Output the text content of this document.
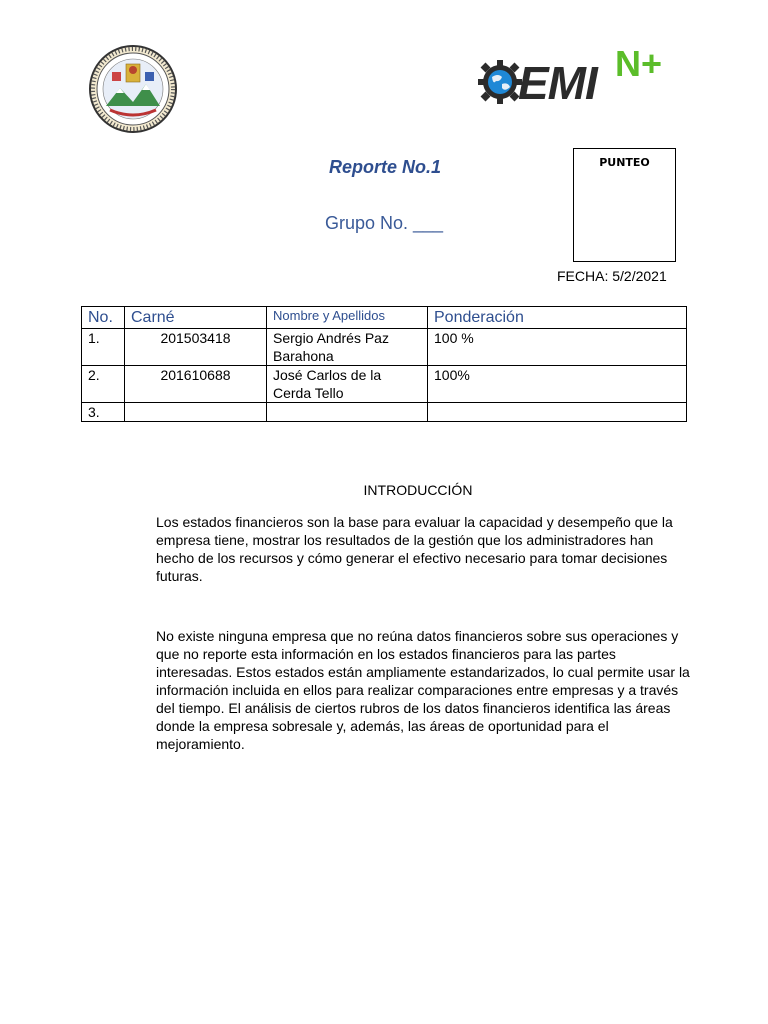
EMI N+
Reporte No.1
Grupo No. ___
PUNTEO
FECHA: 5/2/2021
No.	Carné	Nombre y Apellidos	Ponderación
1.	201503418	Sergio Andrés Paz Barahona	100 %
2.	201610688	José Carlos de la Cerda Tello	100%
3.			
INTRODUCCIÓN
Los estados financieros son la base para evaluar la capacidad y desempeño que la empresa tiene, mostrar los resultados de la gestión que los administradores han hecho de los recursos y cómo generar el efectivo necesario para tomar decisiones futuras.
No existe ninguna empresa que no reúna datos financieros sobre sus operaciones y que no reporte esta información en los estados financieros para las partes interesadas. Estos estados están ampliamente estandarizados, lo cual permite usar la información incluida en ellos para realizar comparaciones entre empresas y a través del tiempo. El análisis de ciertos rubros de los datos financieros identifica las áreas donde la empresa sobresale y, además, las áreas de oportunidad para el mejoramiento.
